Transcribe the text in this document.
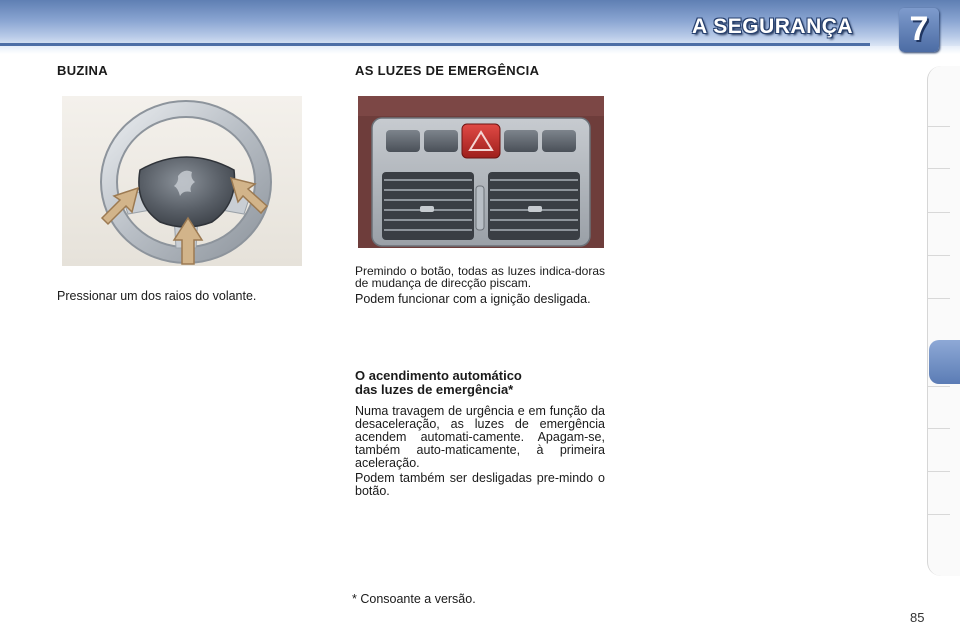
A SEGURANÇA	7
BUZINA
Pressionar um dos raios do volante.
AS LUZES DE EMERGÊNCIA
Premindo o botão, todas as luzes indica-doras de mudança de direcção piscam.
Podem funcionar com a ignição desligada.
O acendimento automático
das luzes de emergência*
Numa travagem de urgência e em função da desaceleração, as luzes de emergência acendem automati-camente. Apagam-se, também auto-maticamente, à primeira aceleração.
Podem também ser desligadas pre-mindo o botão.
* Consoante a versão.
85
